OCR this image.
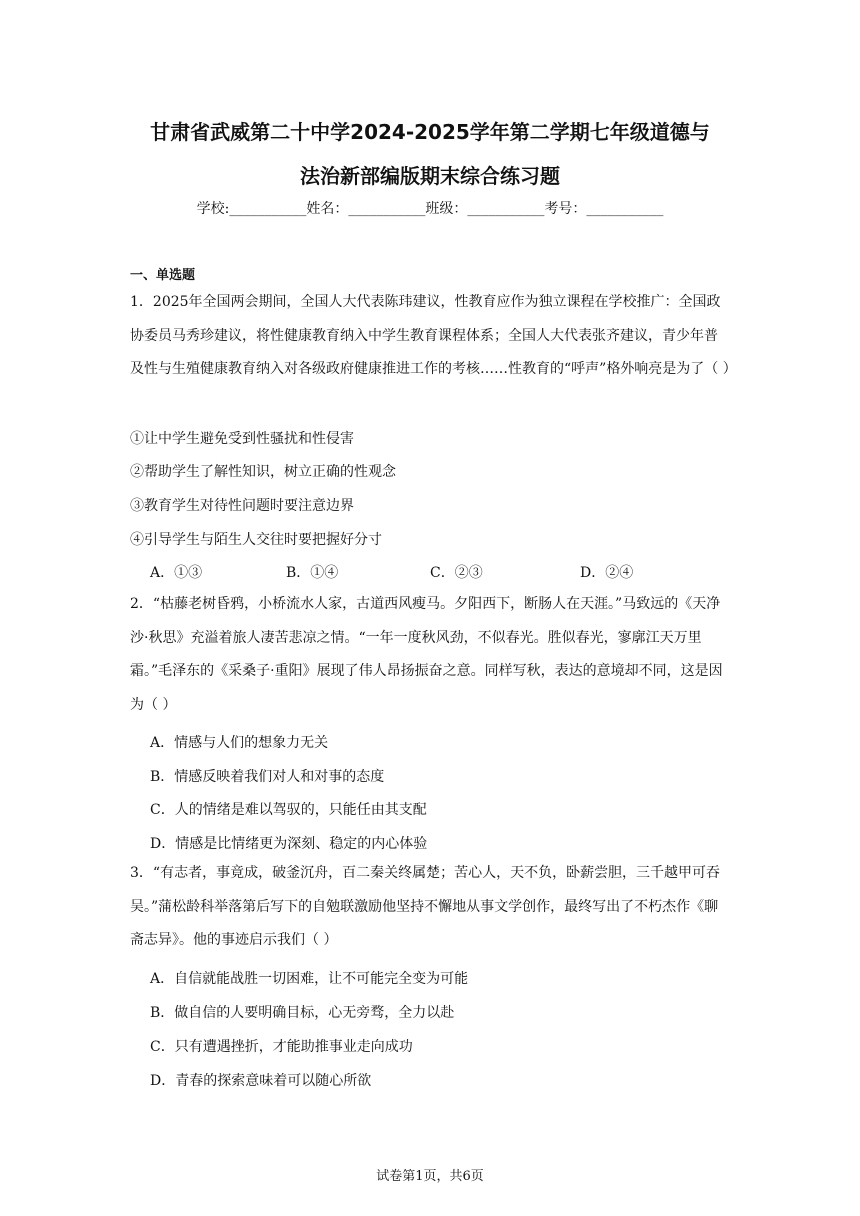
甘肃省武威第二十中学2024-2025学年第二学期七年级道德与
法治新部编版期末综合练习题

学校:___________姓名：___________班级：___________考号：___________

一、单选题

1．2025年全国两会期间，全国人大代表陈玮建议，性教育应作为独立课程在学校推广：全国政协委员马秀珍建议，将性健康教育纳入中学生教育课程体系；全国人大代表张齐建议，青少年普及性与生殖健康教育纳入对各级政府健康推进工作的考核……性教育的“呼声”格外响亮是为了（ ）

①让中学生避免受到性骚扰和性侵害

②帮助学生了解性知识，树立正确的性观念

③教育学生对待性问题时要注意边界

④引导学生与陌生人交往时要把握好分寸

A．①③	B．①④	C．②③	D．②④

2．“枯藤老树昏鸦，小桥流水人家，古道西风瘦马。夕阳西下，断肠人在天涯。”马致远的《天净沙·秋思》充溢着旅人凄苦悲凉之情。“一年一度秋风劲，不似春光。胜似春光，寥廓江天万里霜。”毛泽东的《采桑子·重阳》展现了伟人昂扬振奋之意。同样写秋，表达的意境却不同，这是因为（ ）

A．情感与人们的想象力无关

B．情感反映着我们对人和对事的态度

C．人的情绪是难以驾驭的，只能任由其支配

D．情感是比情绪更为深刻、稳定的内心体验

3．“有志者，事竟成，破釜沉舟，百二秦关终属楚；苦心人，天不负，卧薪尝胆，三千越甲可吞吴。”蒲松龄科举落第后写下的自勉联激励他坚持不懈地从事文学创作，最终写出了不朽杰作《聊斋志异》。他的事迹启示我们（ ）

A．自信就能战胜一切困难，让不可能完全变为可能

B．做自信的人要明确目标，心无旁骛，全力以赴

C．只有遭遇挫折，才能助推事业走向成功

D．青春的探索意味着可以随心所欲

试卷第1页，共6页
